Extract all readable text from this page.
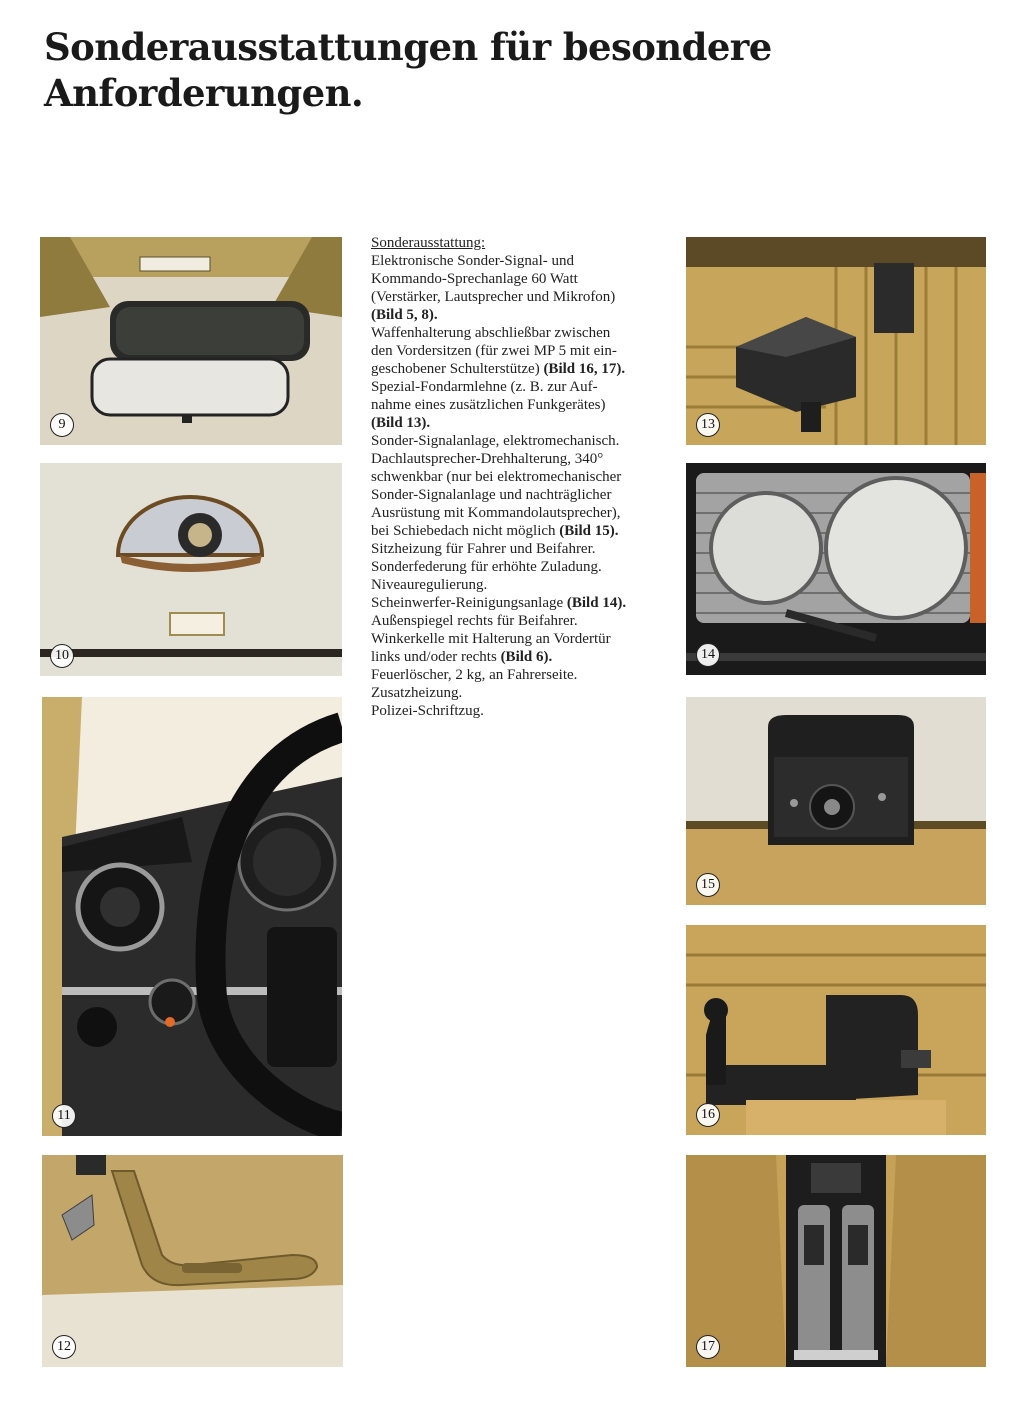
Sonderausstattungen für besondere
Anforderungen.
9
10
11
12
13
14
15
16
17
Sonderausstattung:
Elektronische Sonder-Signal- und
Kommando-Sprechanlage 60 Watt
(Verstärker, Lautsprecher und Mikrofon)
(Bild 5, 8).
Waffenhalterung abschließbar zwischen
den Vordersitzen (für zwei MP 5 mit ein-
geschobener Schulterstütze) (Bild 16, 17).
Spezial-Fondarmlehne (z. B. zur Auf-
nahme eines zusätzlichen Funkgerätes)
(Bild 13).
Sonder-Signalanlage, elektromechanisch.
Dachlautsprecher-Drehhalterung, 340°
schwenkbar (nur bei elektromechanischer
Sonder-Signalanlage und nachträglicher
Ausrüstung mit Kommandolautsprecher),
bei Schiebedach nicht möglich (Bild 15).
Sitzheizung für Fahrer und Beifahrer.
Sonderfederung für erhöhte Zuladung.
Niveauregulierung.
Scheinwerfer-Reinigungsanlage (Bild 14).
Außenspiegel rechts für Beifahrer.
Winkerkelle mit Halterung an Vordertür
links und/oder rechts (Bild 6).
Feuerlöscher, 2 kg, an Fahrerseite.
Zusatzheizung.
Polizei-Schriftzug.
